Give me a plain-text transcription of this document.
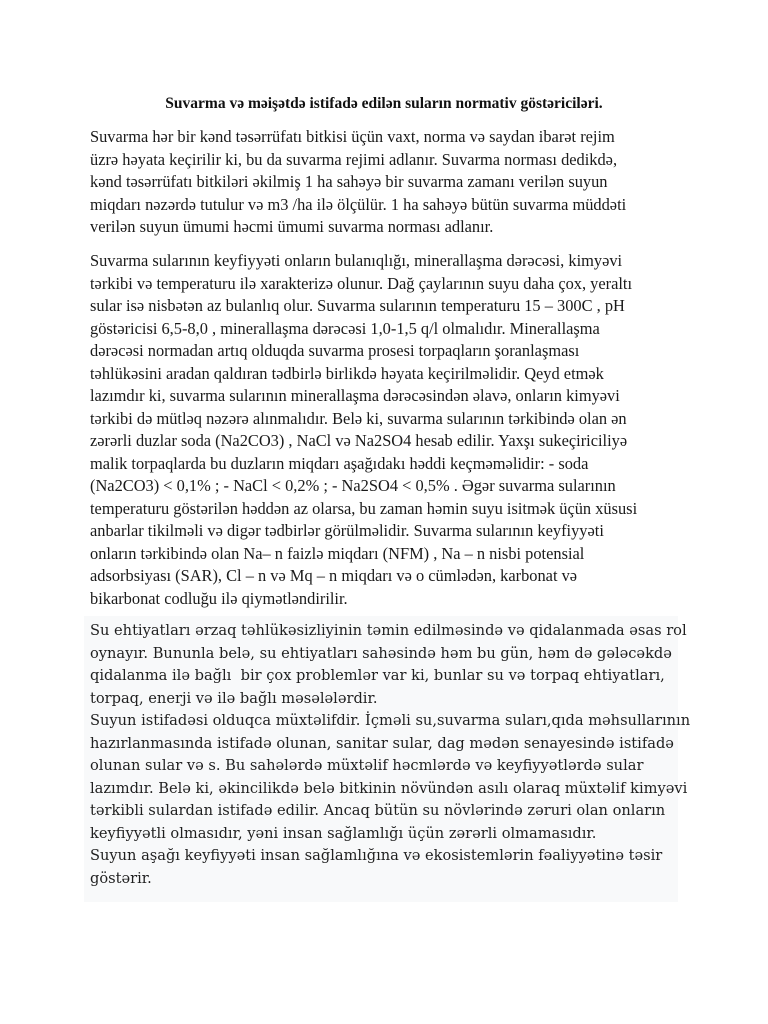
Suvarma və məişətdə istifadə edilən suların normativ göstəriciləri.

Suvarma hər bir kənd təsərrüfatı bitkisi üçün vaxt, norma və saydan ibarət rejim
üzrə həyata keçirilir ki, bu da suvarma rejimi adlanır. Suvarma norması dedikdə,
kənd təsərrüfatı bitkiləri əkilmiş 1 ha sahəyə bir suvarma zamanı verilən suyun
miqdarı nəzərdə tutulur və m3 /ha ilə ölçülür. 1 ha sahəyə bütün suvarma müddəti
verilən suyun ümumi həcmi ümumi suvarma norması adlanır.

Suvarma sularının keyfiyyəti onların bulanıqlığı, minerallaşma dərəcəsi, kimyəvi
tərkibi və temperaturu ilə xarakterizə olunur. Dağ çaylarının suyu daha çox, yeraltı
sular isə nisbətən az bulanlıq olur. Suvarma sularının temperaturu 15 – 300C , pH
göstəricisi 6,5-8,0 , minerallaşma dərəcəsi 1,0-1,5 q/l olmalıdır. Minerallaşma
dərəcəsi normadan artıq olduqda suvarma prosesi torpaqların şoranlaşması
təhlükəsini aradan qaldıran tədbirlə birlikdə həyata keçirilməlidir. Qeyd etmək
lazımdır ki, suvarma sularının minerallaşma dərəcəsindən əlavə, onların kimyəvi
tərkibi də mütləq nəzərə alınmalıdır. Belə ki, suvarma sularının tərkibində olan ən
zərərli duzlar soda (Na2CO3) , NaCl və Na2SO4 hesab edilir. Yaxşı sukeçiriciliyə
malik torpaqlarda bu duzların miqdarı aşağıdakı həddi keçməməlidir: - soda
(Na2CO3) < 0,1% ; - NaCl < 0,2% ; - Na2SO4 < 0,5% . Əgər suvarma sularının
temperaturu göstərilən həddən az olarsa, bu zaman həmin suyu isitmək üçün xüsusi
anbarlar tikilməli və digər tədbirlər görülməlidir. Suvarma sularının keyfiyyəti
onların tərkibində olan Na– n faizlə miqdarı (NFM) , Na – n nisbi potensial
adsorbsiyası (SAR), Cl – n və Mq – n miqdarı və o cümlədən, karbonat və
bikarbonat codluğu ilə qiymətləndirilir.

Su ehtiyatları ərzaq təhlükəsizliyinin təmin edilməsində və qidalanmada əsas rol
oynayır. Bununla belə, su ehtiyatları sahəsində həm bu gün, həm də gələcəkdə
qidalanma ilə bağlı  bir çox problemlər var ki, bunlar su və torpaq ehtiyatları,
torpaq, enerji və ilə bağlı məsələlərdir.
Suyun istifadəsi olduqca müxtəlifdir. İçməli su,suvarma suları,qıda məhsullarının
hazırlanmasında istifadə olunan, sanitar sular, dag mədən senayesində istifadə
olunan sular və s. Bu sahələrdə müxtəlif həcmlərdə və keyfiyyətlərdə sular
lazımdır. Belə ki, əkincilikdə belə bitkinin növündən asılı olaraq müxtəlif kimyəvi
tərkibli sulardan istifadə edilir. Ancaq bütün su növlərində zəruri olan onların
keyfiyyətli olmasıdır, yəni insan sağlamlığı üçün zərərli olmamasıdır.
Suyun aşağı keyfiyyəti insan sağlamlığına və ekosistemlərin fəaliyyətinə təsir
göstərir.
